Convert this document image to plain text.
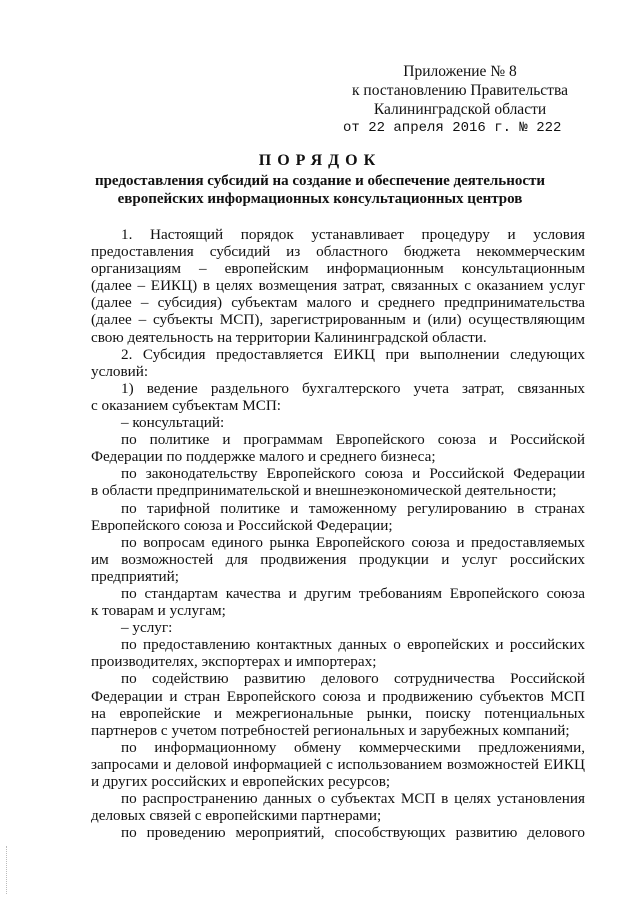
Приложение № 8
к постановлению Правительства
Калининградской области
от 22 апреля 2016 г. № 222
ПОРЯДОК
предоставления субсидий на создание и обеспечение деятельности
европейских информационных консультационных центров
1. Настоящий порядок устанавливает процедуру и условия
предоставления субсидий из областного бюджета некоммерческим
организациям – европейским информационным консультационным
(далее – ЕИКЦ) в целях возмещения затрат, связанных с оказанием услуг
(далее – субсидия) субъектам малого и среднего предпринимательства
(далее – субъекты МСП), зарегистрированным и (или) осуществляющим
свою деятельность на территории Калининградской области.
2. Субсидия предоставляется ЕИКЦ при выполнении следующих
условий:
1) ведение раздельного бухгалтерского учета затрат, связанных
с оказанием субъектам МСП:
– консультаций:
по политике и программам Европейского союза и Российской
Федерации по поддержке малого и среднего бизнеса;
по законодательству Европейского союза и Российской Федерации
в области предпринимательской и внешнеэкономической деятельности;
по тарифной политике и таможенному регулированию в странах
Европейского союза и Российской Федерации;
по вопросам единого рынка Европейского союза и предоставляемых
им возможностей для продвижения продукции и услуг российских
предприятий;
по стандартам качества и другим требованиям Европейского союза
к товарам и услугам;
– услуг:
по предоставлению контактных данных о европейских и российских
производителях, экспортерах и импортерах;
по содействию развитию делового сотрудничества Российской
Федерации и стран Европейского союза и продвижению субъектов МСП
на европейские и межрегиональные рынки, поиску потенциальных
партнеров с учетом потребностей региональных и зарубежных компаний;
по информационному обмену коммерческими предложениями,
запросами и деловой информацией с использованием возможностей ЕИКЦ
и других российских и европейских ресурсов;
по распространению данных о субъектах МСП в целях установления
деловых связей с европейскими партнерами;
по проведению мероприятий, способствующих развитию делового
